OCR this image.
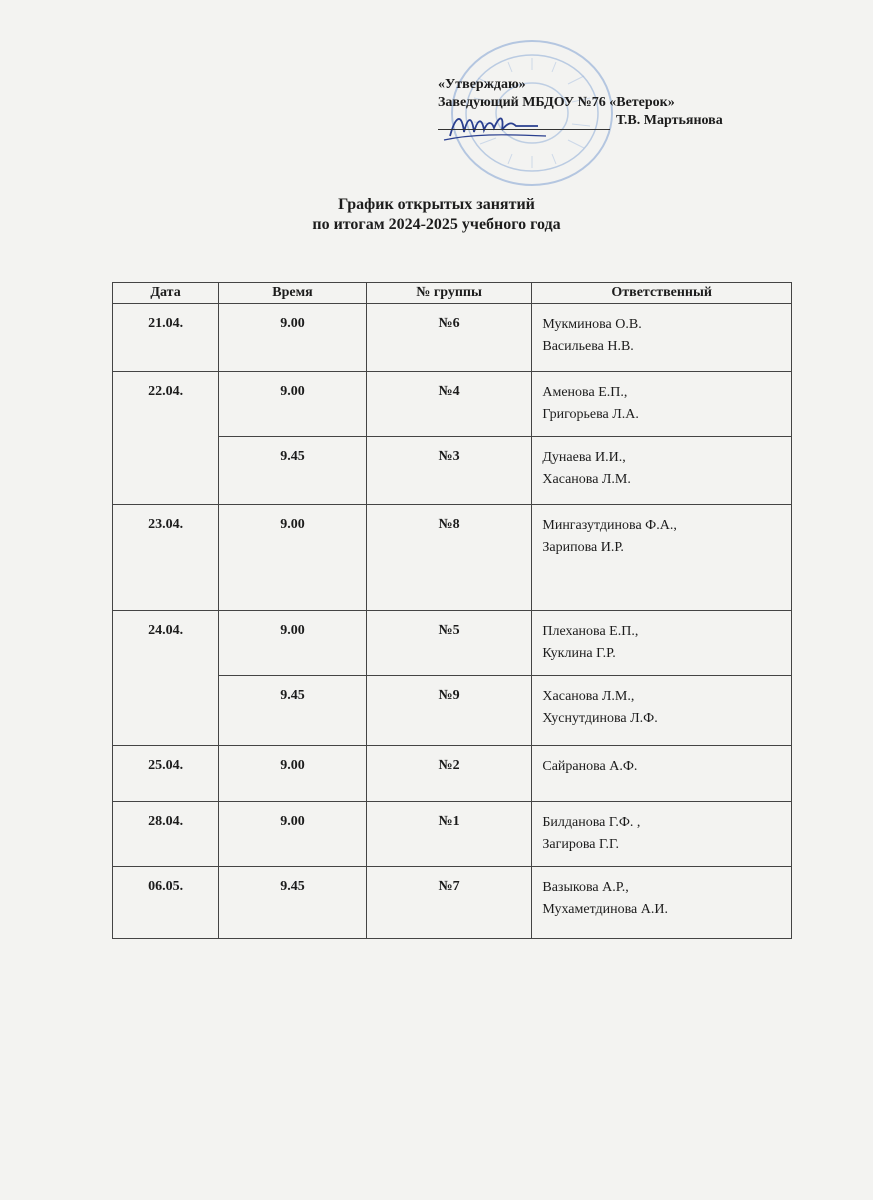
«Утверждаю»
Заведующий МБДОУ №76 «Ветерок»
Т.В. Мартьянова
График открытых занятий
по итогам 2024-2025 учебного года
Дата	Время	№ группы	Ответственный

21.04.	9.00	№6	Мукминова О.В.
Васильева Н.В.

22.04.	9.00	№4	Аменова Е.П.,
Григорьева Л.А.

	9.45	№3	Дунаева И.И.,
Хасанова Л.М.

23.04.	9.00	№8	Мингазутдинова Ф.А.,
Зарипова И.Р.

24.04.	9.00	№5	Плеханова Е.П.,
Куклина Г.Р.

	9.45	№9	Хасанова Л.М.,
Хуснутдинова Л.Ф.

25.04.	9.00	№2	Сайранова А.Ф.

28.04.	9.00	№1	Билданова Г.Ф. ,
Загирова Г.Г.

06.05.	9.45	№7	Вазыкова А.Р.,
Мухаметдинова А.И.
